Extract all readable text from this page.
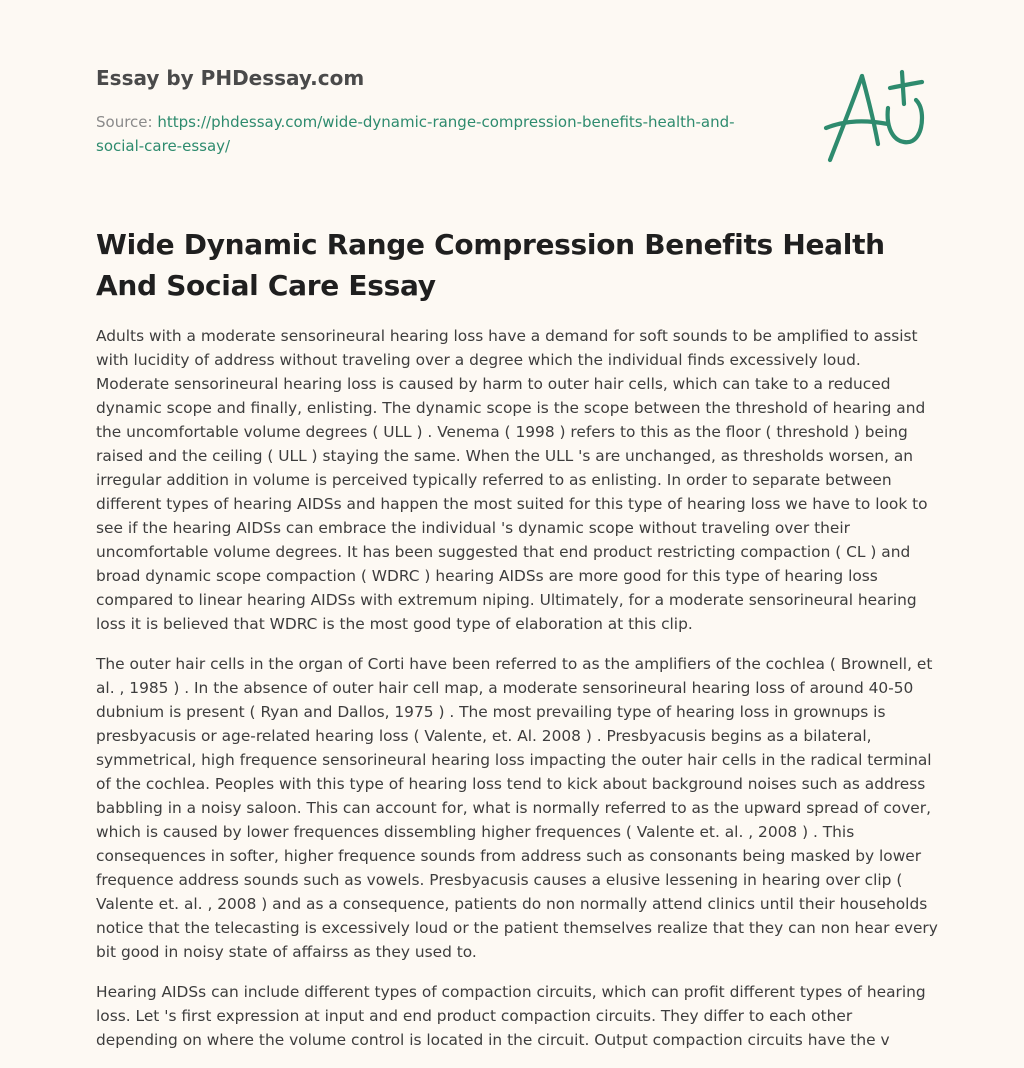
Essay by PHDessay.com
Source: https://phdessay.com/wide-dynamic-range-compression-benefits-health-and-social-care-essay/
Wide Dynamic Range Compression Benefits Health And Social Care Essay

Adults with a moderate sensorineural hearing loss have a demand for soft sounds to be amplified to assist with lucidity of address without traveling over a degree which the individual finds excessively loud. Moderate sensorineural hearing loss is caused by harm to outer hair cells, which can take to a reduced dynamic scope and finally, enlisting. The dynamic scope is the scope between the threshold of hearing and the uncomfortable volume degrees ( ULL ) . Venema ( 1998 ) refers to this as the floor ( threshold ) being raised and the ceiling ( ULL ) staying the same. When the ULL 's are unchanged, as thresholds worsen, an irregular addition in volume is perceived typically referred to as enlisting. In order to separate between different types of hearing AIDSs and happen the most suited for this type of hearing loss we have to look to see if the hearing AIDSs can embrace the individual 's dynamic scope without traveling over their uncomfortable volume degrees. It has been suggested that end product restricting compaction ( CL ) and broad dynamic scope compaction ( WDRC ) hearing AIDSs are more good for this type of hearing loss compared to linear hearing AIDSs with extremum niping. Ultimately, for a moderate sensorineural hearing loss it is believed that WDRC is the most good type of elaboration at this clip.

The outer hair cells in the organ of Corti have been referred to as the amplifiers of the cochlea ( Brownell, et al. , 1985 ) . In the absence of outer hair cell map, a moderate sensorineural hearing loss of around 40-50 dubnium is present ( Ryan and Dallos, 1975 ) . The most prevailing type of hearing loss in grownups is presbyacusis or age-related hearing loss ( Valente, et. Al. 2008 ) . Presbyacusis begins as a bilateral, symmetrical, high frequence sensorineural hearing loss impacting the outer hair cells in the radical terminal of the cochlea. Peoples with this type of hearing loss tend to kick about background noises such as address babbling in a noisy saloon. This can account for, what is normally referred to as the upward spread of cover, which is caused by lower frequences dissembling higher frequences ( Valente et. al. , 2008 ) . This consequences in softer, higher frequence sounds from address such as consonants being masked by lower frequence address sounds such as vowels. Presbyacusis causes a elusive lessening in hearing over clip ( Valente et. al. , 2008 ) and as a consequence, patients do non normally attend clinics until their households notice that the telecasting is excessively loud or the patient themselves realize that they can non hear every bit good in noisy state of affairss as they used to.

Hearing AIDSs can include different types of compaction circuits, which can profit different types of hearing loss. Let 's first expression at input and end product compaction circuits. They differ to each other depending on where the volume control is located in the circuit. Output compaction circuits have the v
